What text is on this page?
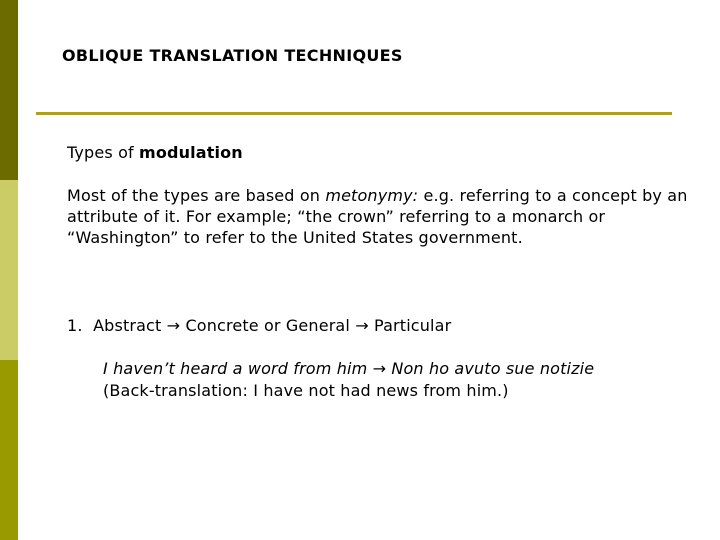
OBLIQUE TRANSLATION TECHNIQUES
Types of modulation
Most of the types are based on metonymy: e.g. referring to a concept by an attribute of it. For example; “the crown” referring to a monarch or “Washington” to refer to the United States government.
1. Abstract → Concrete or General → Particular
I haven’t heard a word from him → Non ho avuto sue notizie
(Back-translation: I have not had news from him.)
